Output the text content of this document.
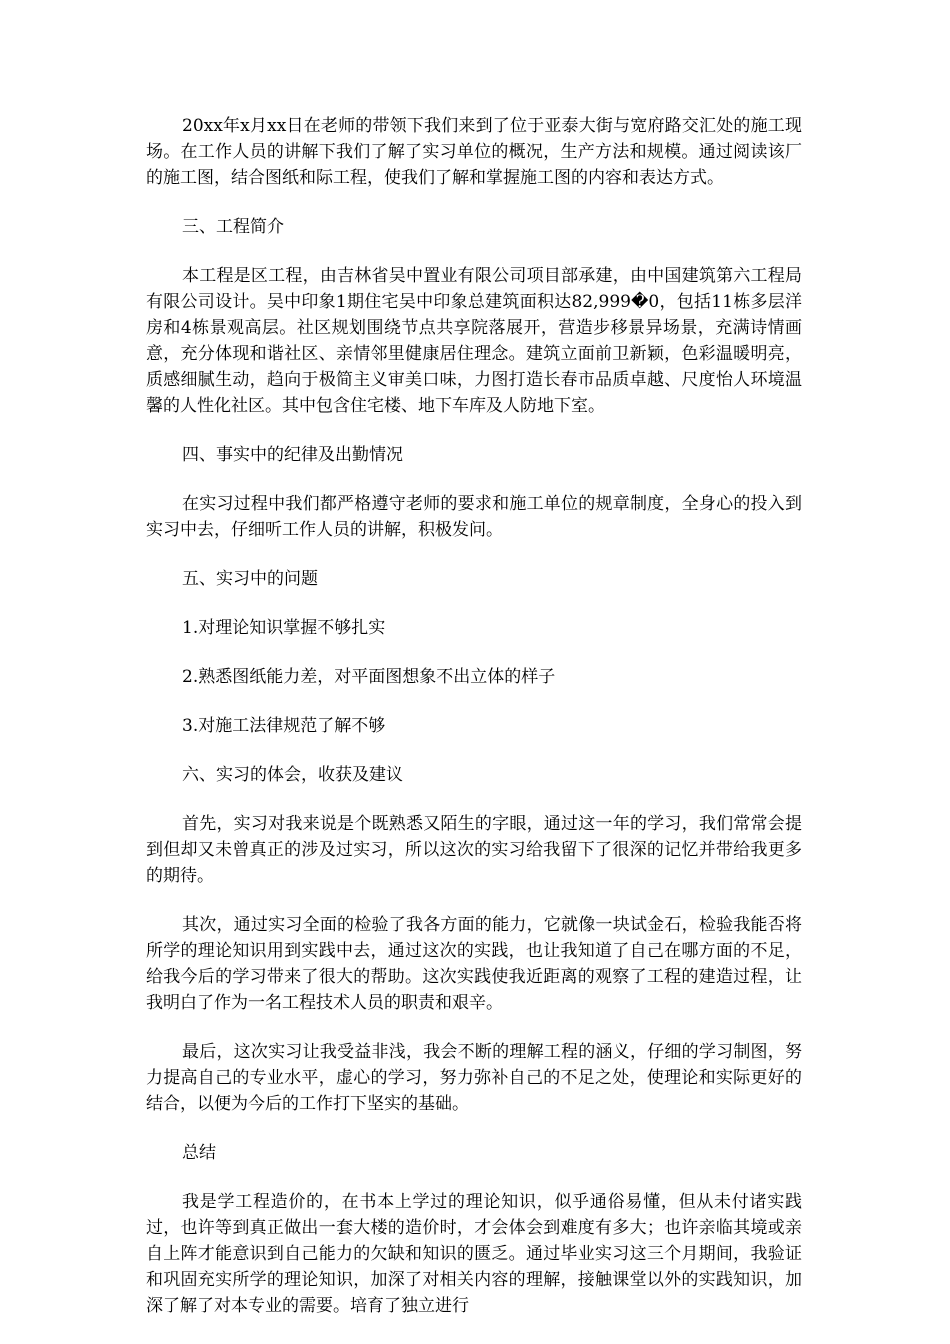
20xx年x月xx日在老师的带领下我们来到了位于亚泰大街与宽府路交汇处的施工现场。在工作人员的讲解下我们了解了实习单位的概况，生产方法和规模。通过阅读该厂的施工图，结合图纸和际工程，使我们了解和掌握施工图的内容和表达方式。

三、工程简介

本工程是区工程，由吉林省吴中置业有限公司项目部承建，由中国建筑第六工程局有限公司设计。吴中印象1期住宅吴中印象总建筑面积达82,999�0，包括11栋多层洋房和4栋景观高层。社区规划围绕节点共享院落展开，营造步移景异场景，充满诗情画意，充分体现和谐社区、亲情邻里健康居住理念。建筑立面前卫新颖，色彩温暖明亮，质感细腻生动，趋向于极简主义审美口味，力图打造长春市品质卓越、尺度怡人环境温馨的人性化社区。其中包含住宅楼、地下车库及人防地下室。

四、事实中的纪律及出勤情况

在实习过程中我们都严格遵守老师的要求和施工单位的规章制度，全身心的投入到实习中去，仔细听工作人员的讲解，积极发问。

五、实习中的问题

1.对理论知识掌握不够扎实

2.熟悉图纸能力差，对平面图想象不出立体的样子

3.对施工法律规范了解不够

六、实习的体会，收获及建议

首先，实习对我来说是个既熟悉又陌生的字眼，通过这一年的学习，我们常常会提到但却又未曾真正的涉及过实习，所以这次的实习给我留下了很深的记忆并带给我更多的期待。

其次，通过实习全面的检验了我各方面的能力，它就像一块试金石，检验我能否将所学的理论知识用到实践中去，通过这次的实践，也让我知道了自己在哪方面的不足，给我今后的学习带来了很大的帮助。这次实践使我近距离的观察了工程的建造过程，让我明白了作为一名工程技术人员的职责和艰辛。

最后，这次实习让我受益非浅，我会不断的理解工程的涵义，仔细的学习制图，努力提高自己的专业水平，虚心的学习，努力弥补自己的不足之处，使理论和实际更好的结合，以便为今后的工作打下坚实的基础。

总结

我是学工程造价的，在书本上学过的理论知识，似乎通俗易懂，但从未付诸实践过，也许等到真正做出一套大楼的造价时，才会体会到难度有多大；也许亲临其境或亲自上阵才能意识到自己能力的欠缺和知识的匮乏。通过毕业实习这三个月期间，我验证和巩固充实所学的理论知识，加深了对相关内容的理解，接触课堂以外的实践知识，加深了解了对本专业的需要。培育了独立进行
